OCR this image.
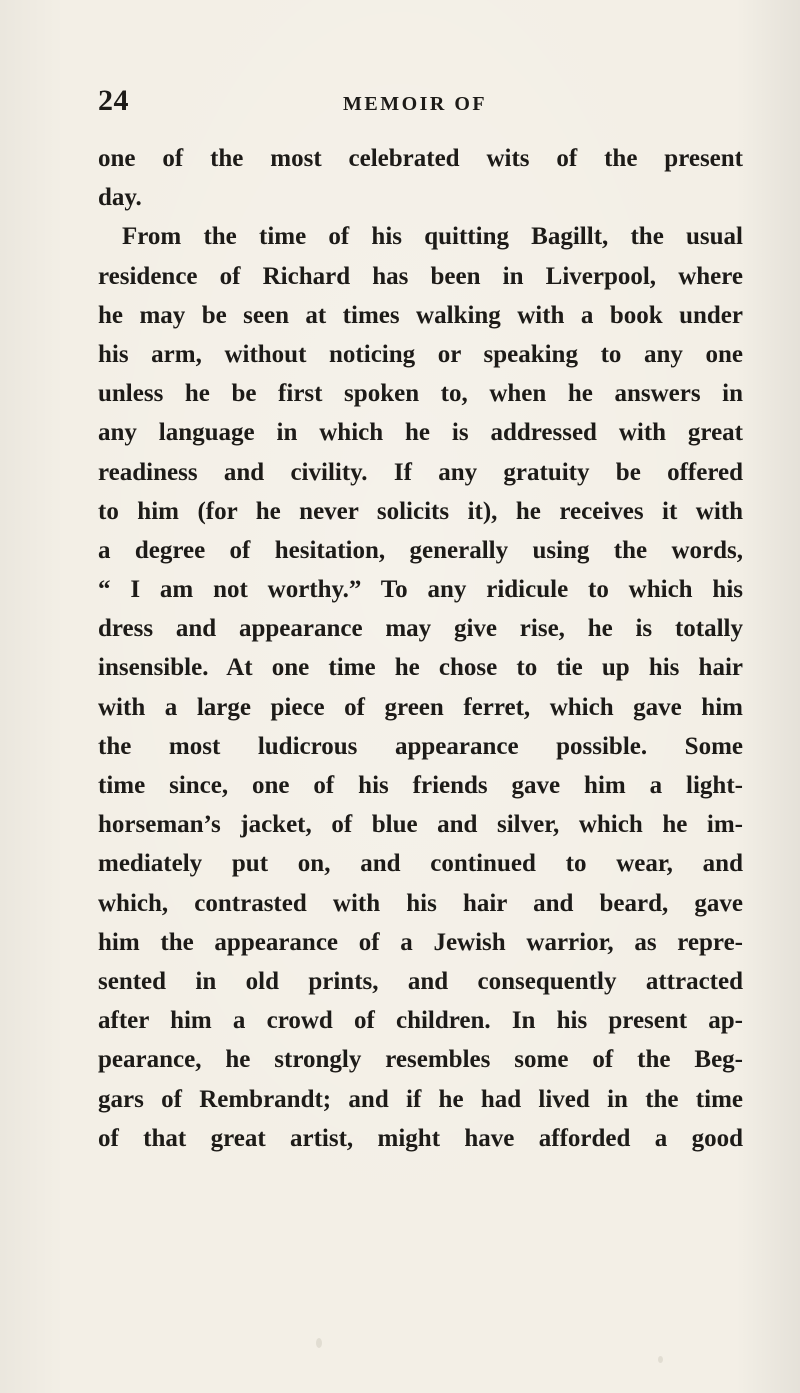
24	MEMOIR OF
one of the most celebrated wits of the present
day.
From the time of his quitting Bagillt, the usual
residence of Richard has been in Liverpool, where
he may be seen at times walking with a book under
his arm, without noticing or speaking to any one
unless he be first spoken to, when he answers in
any language in which he is addressed with great
readiness and civility. If any gratuity be offered
to him (for he never solicits it), he receives it with
a degree of hesitation, generally using the words,
“ I am not worthy.” To any ridicule to which his
dress and appearance may give rise, he is totally
insensible. At one time he chose to tie up his hair
with a large piece of green ferret, which gave him
the most ludicrous appearance possible. Some
time since, one of his friends gave him a light-
horseman’s jacket, of blue and silver, which he im-
mediately put on, and continued to wear, and
which, contrasted with his hair and beard, gave
him the appearance of a Jewish warrior, as repre-
sented in old prints, and consequently attracted
after him a crowd of children. In his present ap-
pearance, he strongly resembles some of the Beg-
gars of Rembrandt; and if he had lived in the time
of that great artist, might have afforded a good
